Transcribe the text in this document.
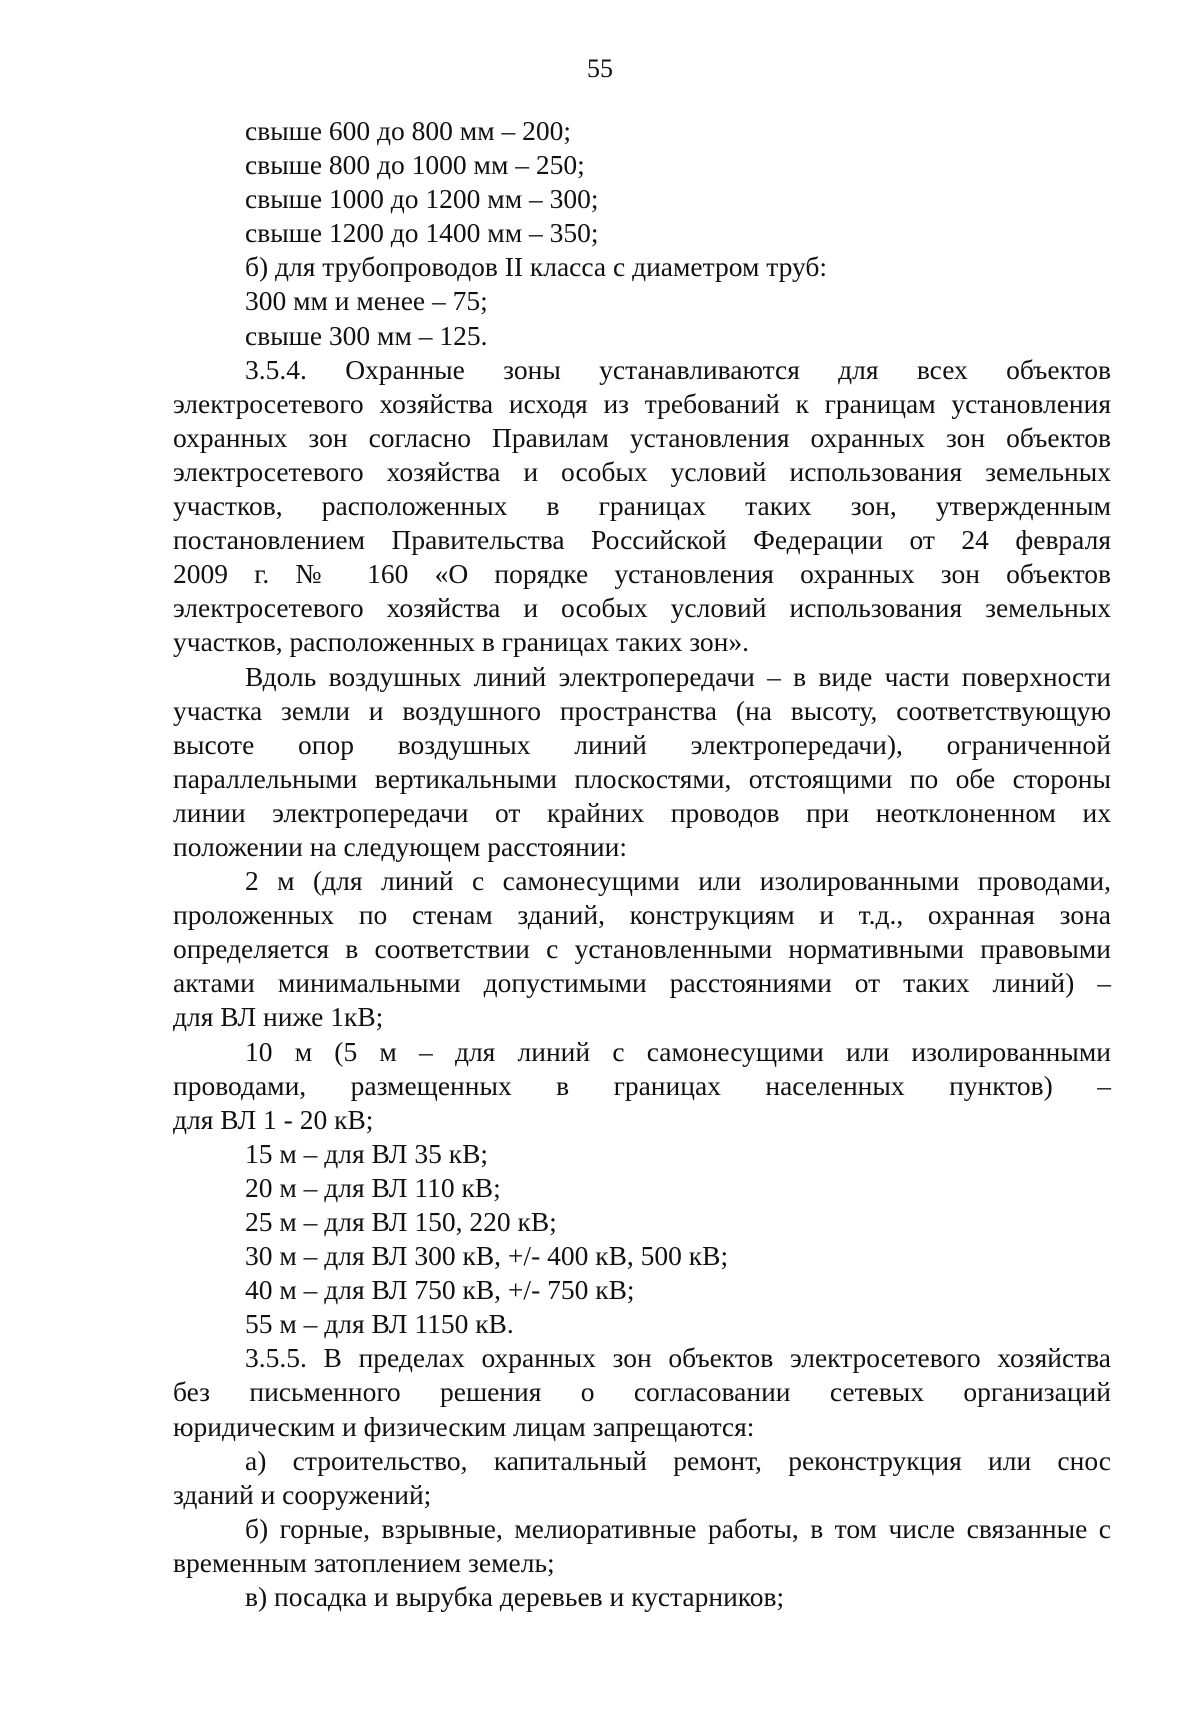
55
свыше 600 до 800 мм – 200;
свыше 800 до 1000 мм – 250;
свыше 1000 до 1200 мм – 300;
свыше 1200 до 1400 мм – 350;
б) для трубопроводов II класса с диаметром труб:
300 мм и менее – 75;
свыше 300 мм – 125.
3.5.4. Охранные зоны устанавливаются для всех объектов
электросетевого хозяйства исходя из требований к границам установления
охранных зон согласно Правилам установления охранных зон объектов
электросетевого хозяйства и особых условий использования земельных
участков, расположенных в границах таких зон, утвержденным
постановлением Правительства Российской Федерации от 24 февраля
2009 г. № 160 «О порядке установления охранных зон объектов
электросетевого хозяйства и особых условий использования земельных
участков, расположенных в границах таких зон».
Вдоль воздушных линий электропередачи – в виде части поверхности
участка земли и воздушного пространства (на высоту, соответствующую
высоте опор воздушных линий электропередачи), ограниченной
параллельными вертикальными плоскостями, отстоящими по обе стороны
линии электропередачи от крайних проводов при неотклоненном их
положении на следующем расстоянии:
2 м (для линий с самонесущими или изолированными проводами,
проложенных по стенам зданий, конструкциям и т.д., охранная зона
определяется в соответствии с установленными нормативными правовыми
актами минимальными допустимыми расстояниями от таких линий) –
для ВЛ ниже 1кВ;
10 м (5 м – для линий с самонесущими или изолированными
проводами, размещенных в границах населенных пунктов) –
для ВЛ 1 - 20 кВ;
15 м – для ВЛ 35 кВ;
20 м – для ВЛ 110 кВ;
25 м – для ВЛ 150, 220 кВ;
30 м – для ВЛ 300 кВ, +/- 400 кВ, 500 кВ;
40 м – для ВЛ 750 кВ, +/- 750 кВ;
55 м – для ВЛ 1150 кВ.
3.5.5. В пределах охранных зон объектов электросетевого хозяйства
без письменного решения о согласовании сетевых организаций
юридическим и физическим лицам запрещаются:
а) строительство, капитальный ремонт, реконструкция или снос
зданий и сооружений;
б) горные, взрывные, мелиоративные работы, в том числе связанные с
временным затоплением земель;
в) посадка и вырубка деревьев и кустарников;
